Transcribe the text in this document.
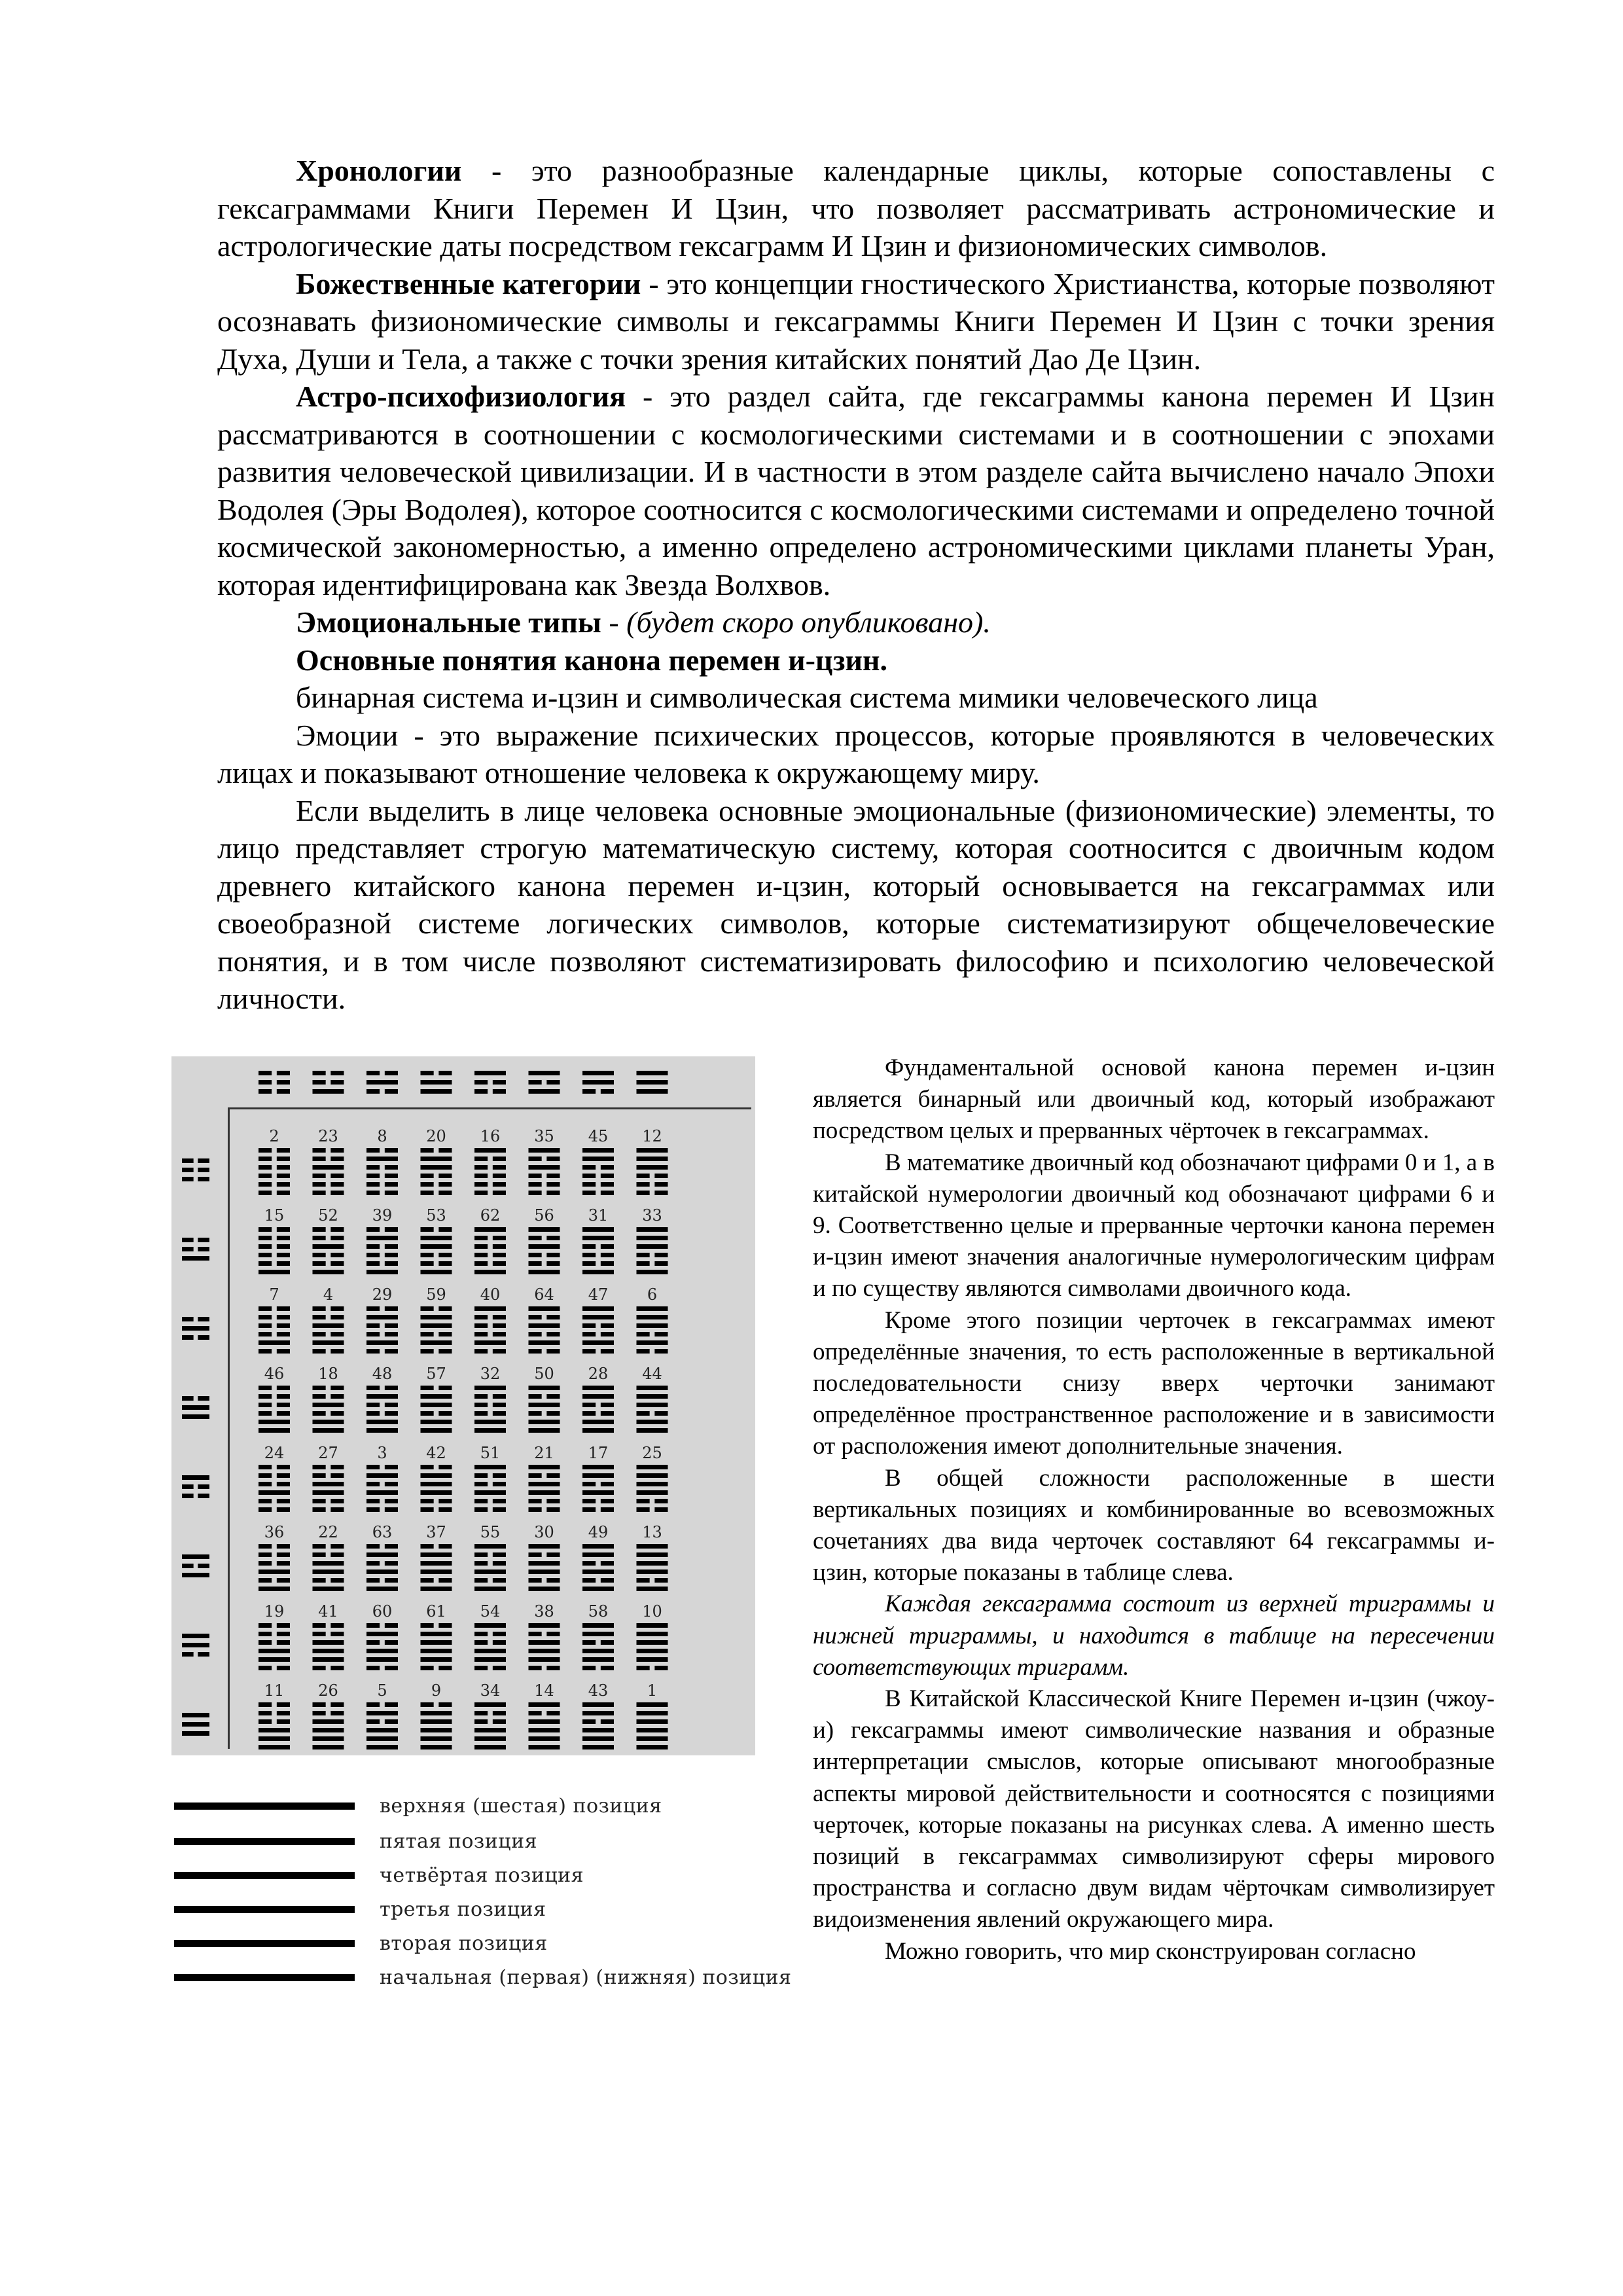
Хронологии - это разнообразные календарные циклы, которые сопоставлены с гексаграммами Книги Перемен И Цзин, что позволяет рассматривать астрономические и астрологические даты посредством гексаграмм И Цзин и физиономических символов.

Божественные категории - это концепции гностического Христианства, которые позволяют осознавать физиономические символы и гексаграммы Книги Перемен И Цзин с точки зрения Духа, Души и Тела, а также с точки зрения китайских понятий Дао Де Цзин.

Астро-психофизиология - это раздел сайта, где гексаграммы канона перемен И Цзин рассматриваются в соотношении с космологическими системами и в соотношении с эпохами развития человеческой цивилизации. И в частности в этом разделе сайта вычислено начало Эпохи Водолея (Эры Водолея), которое соотносится с космологическими системами и определено точной космической закономерностью, а именно определено астрономическими циклами планеты Уран, которая идентифицирована как Звезда Волхвов.

Эмоциональные типы - (будет скоро опубликовано).

Основные понятия канона перемен и-цзин.

бинарная система и-цзин и символическая система мимики человеческого лица

Эмоции - это выражение психических процессов, которые проявляются в человеческих лицах и показывают отношение человека к окружающему миру.

Если выделить в лице человека основные эмоциональные (физиономические) элементы, то лицо представляет строгую математическую систему, которая соотносится с двоичным кодом древнего китайского канона перемен и-цзин, который основывается на гексаграммах или своеобразной системе логических символов, которые систематизируют общечеловеческие понятия, и в том числе позволяют систематизировать философию и психологию человеческой личности.

2 23 8 20 16 35 45 12
15 52 39 53 62 56 31 33
7	4 29 59 40 64 47 6
46 18 48 57 32 50 28 44
24 27 3 42 51 21 17 25
36 22 63 37 55 30 49 13
19 41 60 61 54 38 58 10
11 26 5	9 34 14 43 1
верхняя (шестая) позиция
пятая позиция
четвёртая позиция
третья позиция
вторая позиция
начальная (первая) (нижняя) позиция

Фундаментальной основой канона перемен и-цзин является бинарный или двоичный код, который изображают посредством целых и прерванных чёрточек в гексаграммах.

В математике двоичный код обозначают цифрами 0 и 1, а в китайской нумерологии двоичный код обозначают цифрами 6 и 9. Соответственно целые и прерванные черточки канона перемен и-цзин имеют значения аналогичные нумерологическим цифрам и по существу являются символами двоичного кода.

Кроме этого позиции черточек в гексаграммах имеют определённые значения, то есть расположенные в вертикальной последовательности снизу вверх черточки занимают определённое пространственное расположение и в зависимости от расположения имеют дополнительные значения.

В общей сложности расположенные в шести вертикальных позициях и комбинированные во всевозможных сочетаниях два вида черточек составляют 64 гексаграммы и-цзин, которые показаны в таблице слева.

Каждая гексаграмма состоит из верхней триграммы и нижней триграммы, и находится в таблице на пересечении соответствующих триграмм.

В Китайской Классической Книге Перемен и-цзин (чжоу-и) гексаграммы имеют символические названия и образные интерпретации смыслов, которые описывают многообразные аспекты мировой действительности и соотносятся с позициями черточек, которые показаны на рисунках слева. А именно шесть позиций в гексаграммах символизируют сферы мирового пространства и согласно двум видам чёрточкам символизирует видоизменения явлений окружающего мира.

Можно говорить, что мир сконструирован согласно
